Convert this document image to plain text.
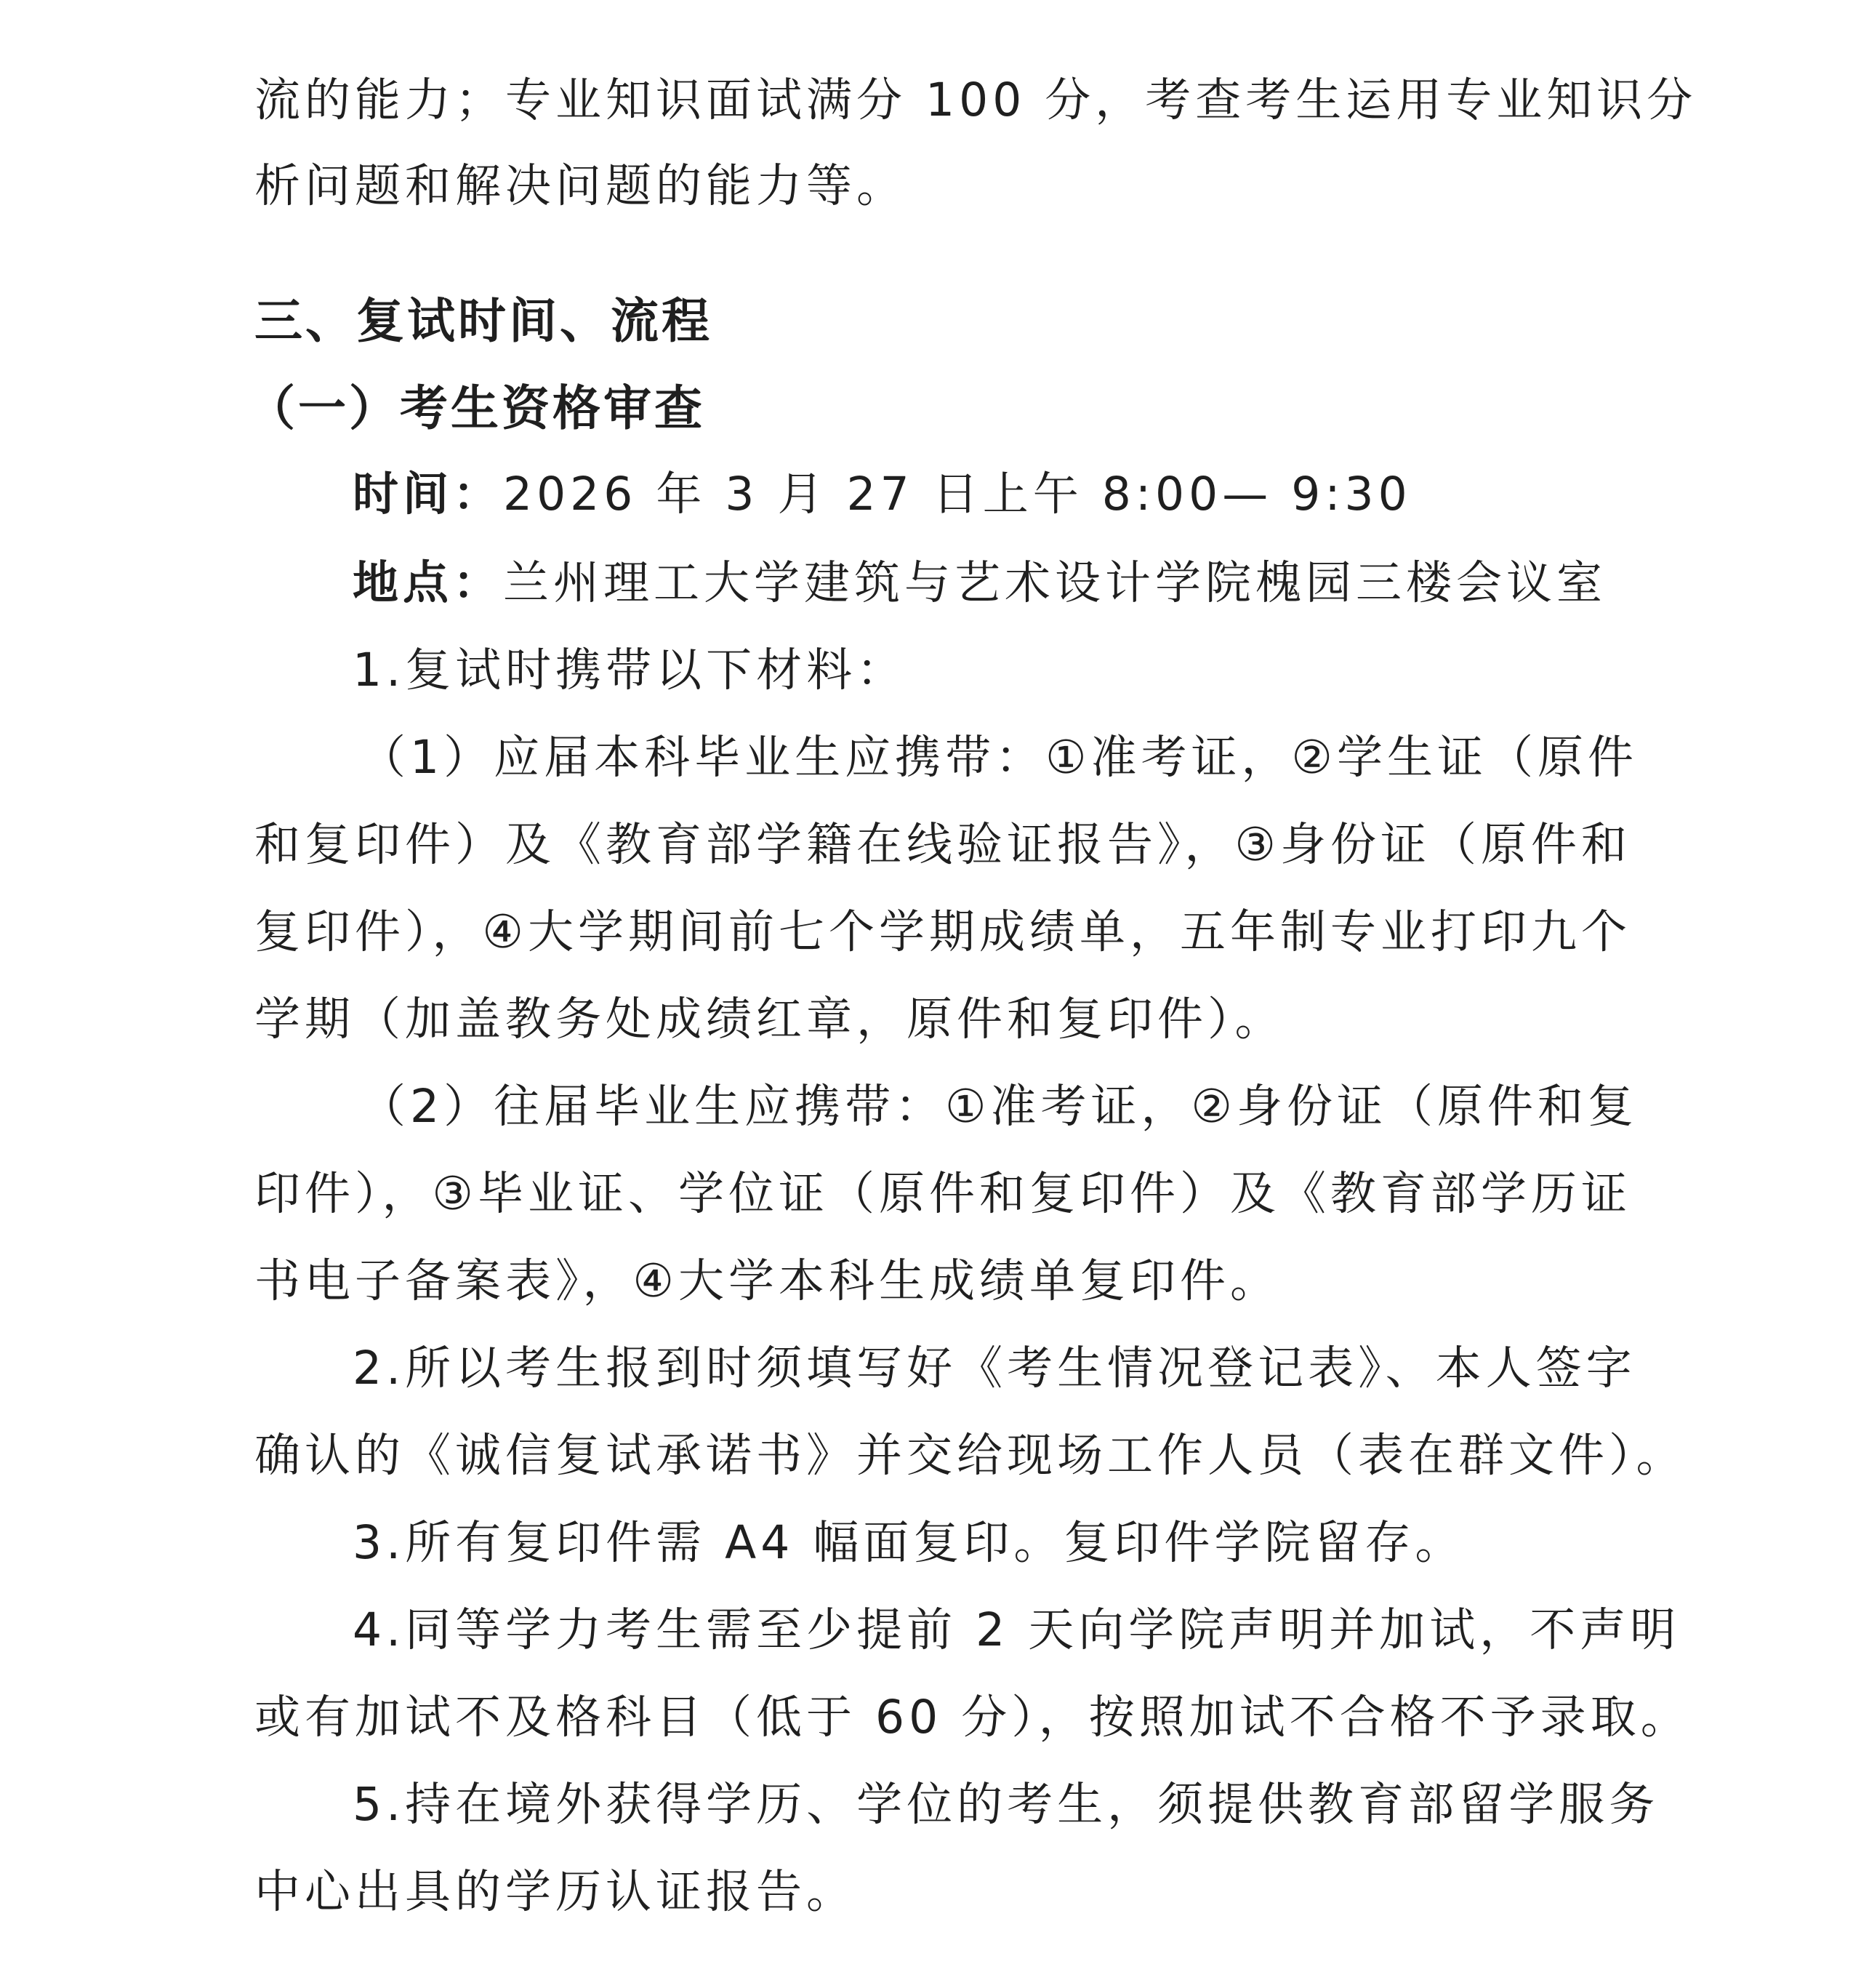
流的能力；专业知识面试满分 100 分，考查考生运用专业知识分
析问题和解决问题的能力等。
三、复试时间、流程
（一）考生资格审查
时间：2026 年 3 月 27 日上午 8:00— 9:30
地点：兰州理工大学建筑与艺术设计学院槐园三楼会议室
1.复试时携带以下材料：
（1）应届本科毕业生应携带：①准考证，②学生证（原件
和复印件）及《教育部学籍在线验证报告》，③身份证（原件和
复印件），④大学期间前七个学期成绩单，五年制专业打印九个
学期（加盖教务处成绩红章，原件和复印件）。
（2）往届毕业生应携带：①准考证，②身份证（原件和复
印件），③毕业证、学位证（原件和复印件）及《教育部学历证
书电子备案表》，④大学本科生成绩单复印件。
2.所以考生报到时须填写好《考生情况登记表》、本人签字
确认的《诚信复试承诺书》并交给现场工作人员（表在群文件）。
3.所有复印件需 A4 幅面复印。复印件学院留存。
4.同等学力考生需至少提前 2 天向学院声明并加试，不声明
或有加试不及格科目（低于 60 分），按照加试不合格不予录取。
5.持在境外获得学历、学位的考生，须提供教育部留学服务
中心出具的学历认证报告。
